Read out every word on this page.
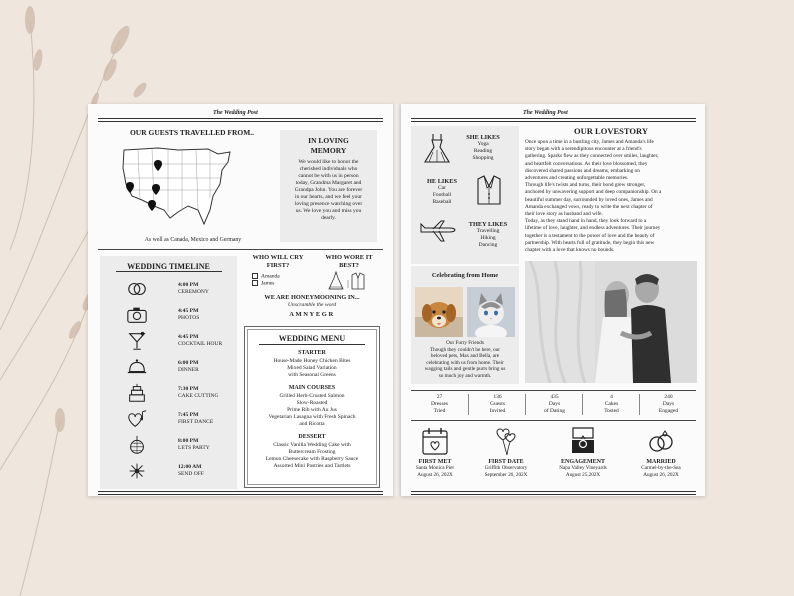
The Wedding Post
OUR GUESTS TRAVELLED FROM..
As well as Canada, Mexico and Germany
IN LOVING
MEMORY
We would like to honor the
cherished individuals who
cannot be with us in person
today, Grandma Margaret and
Grandpa John. You are forever
in our hearts, and we feel your
loving presence watching over
us. We love you and miss you
dearly.
WEDDING TIMELINE
WHO WILL CRY
FIRST?
Amanda
James
WHO WORE IT
BEST?
WE ARE HONEYMOONING IN...
Unscramble the word
AMNYEGR
WEDDING MENU
STARTER
House-Made Honey Chicken Bites
Mixed Salad Variation
with Seasonal Greens
MAIN COURSES
Grilled Herb-Crusted Salmon
Slow-Roasted
Prime Rib with Au Jus
Vegetarian Lasagna with Fresh Spinach
and Ricotta
DESSERT
Classic Vanilla Wedding Cake with
Buttercream Frosting
Lemon Cheesecake with Raspberry Sauce
Assorted Mini Pastries and Tartlets
4:00 PM
CEREMONY
4:45 PM
PHOTOS
4:45 PM
COCKTAIL HOUR
6:00 PM
DINNER
7:30 PM
CAKE CUTTING
7:45 PM
FIRST DANCE
8:00 PM
LETS PARTY
12:00 AM
SEND OFF
The Wedding Post
SHE LIKES
Yoga
Reading
Shopping
HE LIKES
Car
Football
Baseball
THEY LIKES
Travelling
Hiking
Dancing
OUR LOVESTORY
Once upon a time in a bustling city, James and Amanda's life
story began with a serendipitous encounter at a friend's
gathering. Sparks flew as they connected over smiles, laughter,
and heartfelt conversations. As their love blossomed, they
discovered shared passions and dreams, embarking on
adventures and creating unforgettable memories.
Through life's twists and turns, their bond grew stronger,
anchored by unwavering support and deep companionship. On a
beautiful summer day, surrounded by loved ones, James and
Amanda exchanged vows, ready to write the next chapter of
their love story as husband and wife.
Today, as they stand hand in hand, they look forward to a
lifetime of love, laughter, and endless adventures. Their journey
together is a testament to the power of love and the beauty of
partnership. With hearts full of gratitude, they begin this new
chapter with a love that knows no bounds.
Celebrating from Home
Our Furry Friends
Though they couldn't be here, our
beloved pets, Max and Bella, are
celebrating with us from home. Their
wagging tails and gentle purrs bring us
so much joy and warmth.
27
Dresses
Tried
136
Guests
Invited
435
Days
of Dating
4
Cakes
Tosted
240
Days
Engaged
FIRST MET
Santa Monica Pier
August 26, 202X
FIRST DATE
Griffith Observatory
September 26, 202X
ENGAGEMENT
Napa Valley Vineyards
August 25,202X
MARRIED
Carmel-by-the-Sea
August 26, 202X
